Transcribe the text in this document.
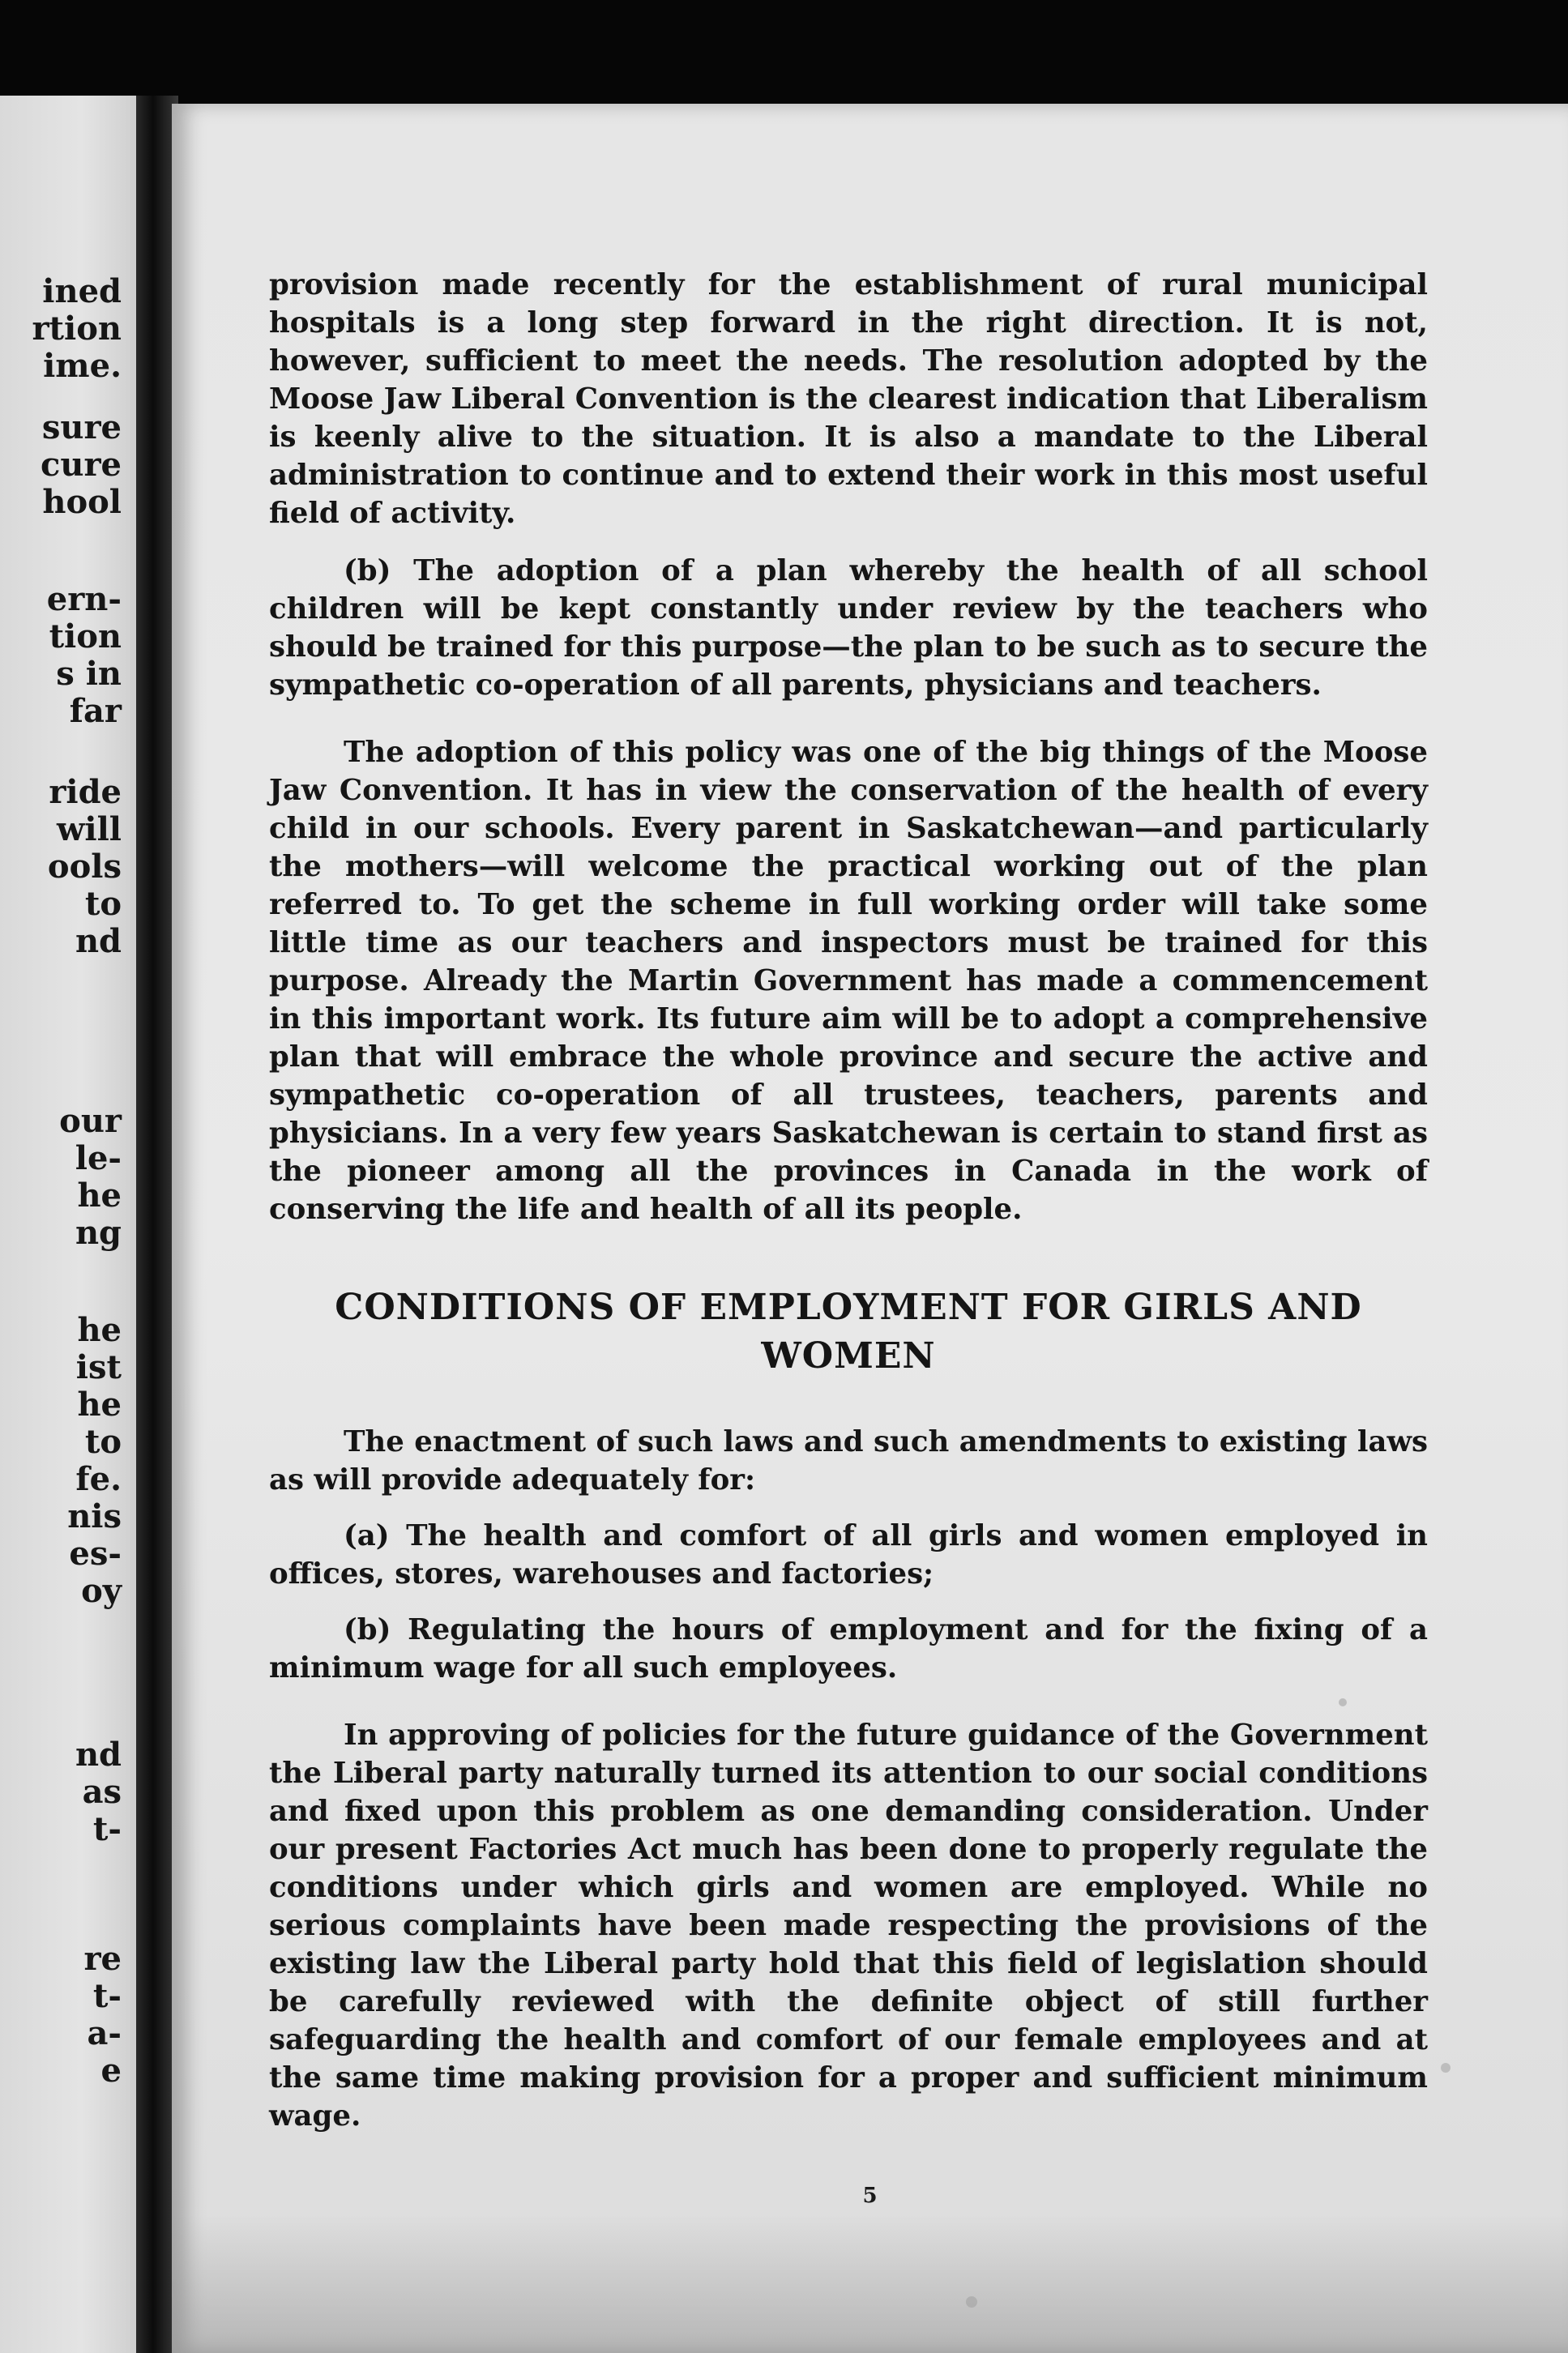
ined
rtion
ime.
sure
cure
hool
ern-
tion
s in
far
ride
will
ools
to
nd
our
le-
he
ng
he
ist
he
to
fe.
nis
es-
oy
nd
as
t-
re
t-
a-
e

provision made recently for the establishment of rural municipal hospitals is a long step forward in the right direction. It is not, however, sufficient to meet the needs. The resolution adopted by the Moose Jaw Liberal Convention is the clearest indication that Liberalism is keenly alive to the situation. It is also a mandate to the Liberal administration to continue and to extend their work in this most useful field of activity.

(b) The adoption of a plan whereby the health of all school children will be kept constantly under review by the teachers who should be trained for this purpose—the plan to be such as to secure the sympathetic co-operation of all parents, physicians and teachers.

The adoption of this policy was one of the big things of the Moose Jaw Convention. It has in view the conservation of the health of every child in our schools. Every parent in Saskatchewan—and particularly the mothers—will welcome the practical working out of the plan referred to. To get the scheme in full working order will take some little time as our teachers and inspectors must be trained for this purpose. Already the Martin Government has made a commencement in this important work. Its future aim will be to adopt a comprehensive plan that will embrace the whole province and secure the active and sympathetic co-operation of all trustees, teachers, parents and physicians. In a very few years Saskatchewan is certain to stand first as the pioneer among all the provinces in Canada in the work of conserving the life and health of all its people.

CONDITIONS OF EMPLOYMENT FOR GIRLS AND
WOMEN

The enactment of such laws and such amendments to existing laws as will provide adequately for:

(a) The health and comfort of all girls and women employed in offices, stores, warehouses and factories;

(b) Regulating the hours of employment and for the fixing of a minimum wage for all such employees.

In approving of policies for the future guidance of the Government the Liberal party naturally turned its attention to our social conditions and fixed upon this problem as one demanding consideration. Under our present Factories Act much has been done to properly regulate the conditions under which girls and women are employed. While no serious complaints have been made respecting the provisions of the existing law the Liberal party hold that this field of legislation should be carefully reviewed with the definite object of still further safeguarding the health and comfort of our female employees and at the same time making provision for a proper and sufficient minimum wage.

5
